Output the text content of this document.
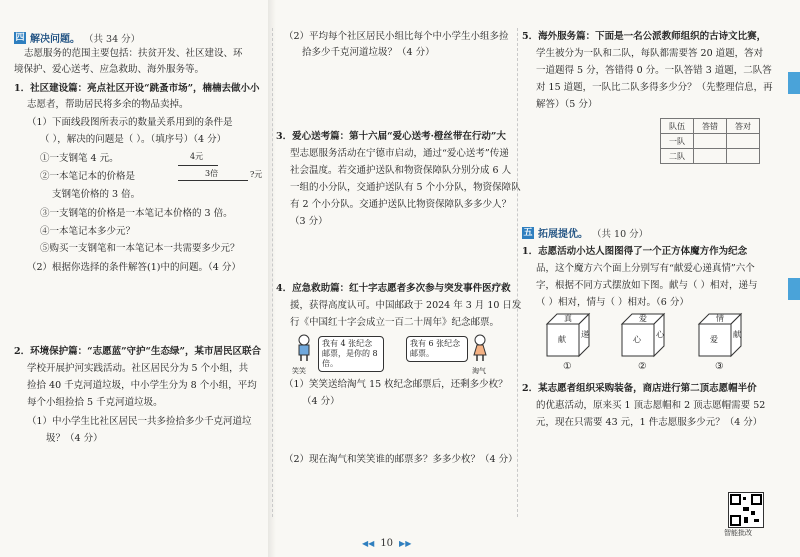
四 解决问题。 （共 34 分）
志愿服务的范围主要包括：扶贫开发、社区建设、环
境保护、爱心送考、应急救助、海外服务等。
1．社区建设篇：亮点社区开设“跳蚤市场”，楠楠去做小小
志愿者，帮助居民将多余的物品卖掉。
（1）下面线段图所表示的数量关系用到的条件是
（ ），解决的问题是（ ）。（填序号）（4 分）
①一支钢笔 4 元。
②一本笔记本的价格是
4元
3倍	?元
支钢笔价格的 3 倍。
③一支钢笔的价格是一本笔记本价格的 3 倍。
④一本笔记本多少元？
⑤购买一支钢笔和一本笔记本一共需要多少元？
（2）根据你选择的条件解答(1)中的问题。（4 分）
2．环境保护篇：“志愿蓝”守护“生态绿”，某市居民区联合
学校开展护河实践活动。社区居民分为 5 个小组，共
捡拾 40 千克河道垃圾，中小学生分为 8 个小组，平均
每个小组捡拾 5 千克河道垃圾。
（1）中小学生比社区居民一共多捡拾多少千克河道垃
圾？（4 分）
（2）平均每个社区居民小组比每个中小学生小组多捡
拾多少千克河道垃圾？（4 分）
3．爱心送考篇：第十六届“爱心送考·橙丝带在行动”大
型志愿服务活动在宁德市启动，通过“爱心送考”传递
社会温度。若交通护送队和物资保障队分别分成 6 人
一组的小分队，交通护送队有 5 个小分队，物资保障队
有 2 个小分队。交通护送队比物资保障队多多少人？
（3 分）
4．应急救助篇：红十字志愿者多次参与突发事件医疗救
援，获得高度认可。中国邮政于 2024 年 3 月 10 日发
行《中国红十字会成立一百二十周年》纪念邮票。
我有 4 张纪念邮票，是你的 8 倍。
笑笑
我有 6 张纪念邮票。
淘气
（1）笑笑送给淘气 15 枚纪念邮票后，还剩多少枚？
（4 分）
（2）现在淘气和笑笑谁的邮票多？多多少枚？（4 分）
5．海外服务篇：下面是一名公派教师组织的古诗文比赛，
学生被分为一队和二队，每队都需要答 20 道题，答对
一道题得 5 分，答错得 0 分。一队答错 3 道题，二队答
对 15 道题，一队比二队多得多少分？（先整理信息，再
解答）（5 分）
队伍	答错	答对
一队		
二队		
五 拓展提优。 （共 10 分）
1．志愿活动小达人图图得了一个正方体魔方作为纪念
品，这个魔方六个面上分别写有“献爱心递真情”六个
字，根据不同方式摆放如下图。献与（ ）相对，递与
（ ）相对，情与（ ）相对。（6 分）
真
献
递
①
爱
心
心
②
情
爱
献
③
2．某志愿者组织采购装备，商店进行第二顶志愿帽半价
的优惠活动，原来买 1 顶志愿帽和 2 顶志愿帽需要 52
元，现在只需要 43 元，1 件志愿服多少元？（4 分）
智能批改
◀◀ 10 ▶▶
